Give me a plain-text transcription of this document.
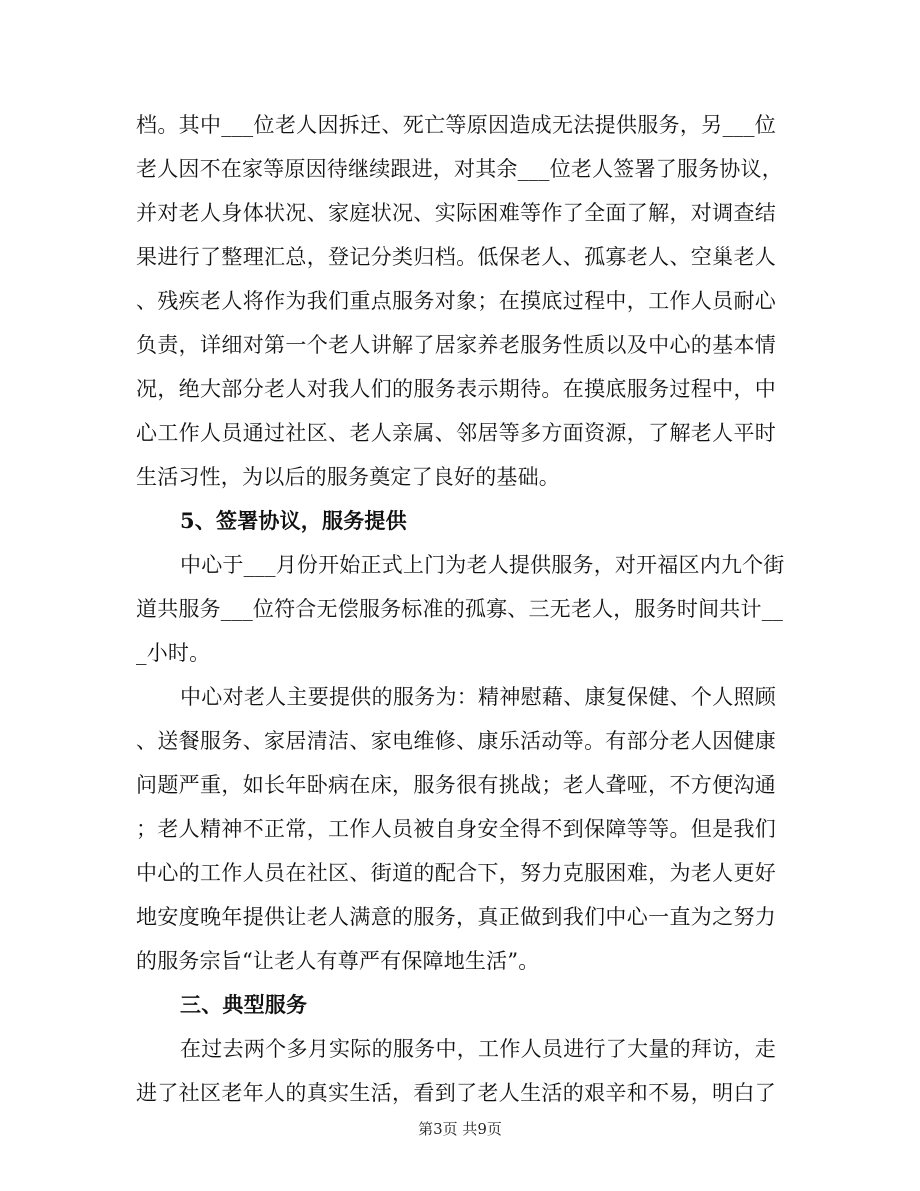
档。其中___位老人因拆迁、死亡等原因造成无法提供服务，另___位
老人因不在家等原因待继续跟进，对其余___位老人签署了服务协议，
并对老人身体状况、家庭状况、实际困难等作了全面了解，对调查结
果进行了整理汇总，登记分类归档。低保老人、孤寡老人、空巢老人
、残疾老人将作为我们重点服务对象；在摸底过程中，工作人员耐心
负责，详细对第一个老人讲解了居家养老服务性质以及中心的基本情
况，绝大部分老人对我人们的服务表示期待。在摸底服务过程中，中
心工作人员通过社区、老人亲属、邻居等多方面资源，了解老人平时
生活习性，为以后的服务奠定了良好的基础。
5、签署协议，服务提供
中心于___月份开始正式上门为老人提供服务，对开福区内九个街
道共服务___位符合无偿服务标准的孤寡、三无老人，服务时间共计__
_小时。
中心对老人主要提供的服务为：精神慰藉、康复保健、个人照顾
、送餐服务、家居清洁、家电维修、康乐活动等。有部分老人因健康
问题严重，如长年卧病在床，服务很有挑战；老人聋哑，不方便沟通
；老人精神不正常，工作人员被自身安全得不到保障等等。但是我们
中心的工作人员在社区、街道的配合下，努力克服困难，为老人更好
地安度晚年提供让老人满意的服务，真正做到我们中心一直为之努力
的服务宗旨“让老人有尊严有保障地生活”。
三、典型服务
在过去两个多月实际的服务中，工作人员进行了大量的拜访，走
进了社区老年人的真实生活，看到了老人生活的艰辛和不易，明白了
第3页 共9页
